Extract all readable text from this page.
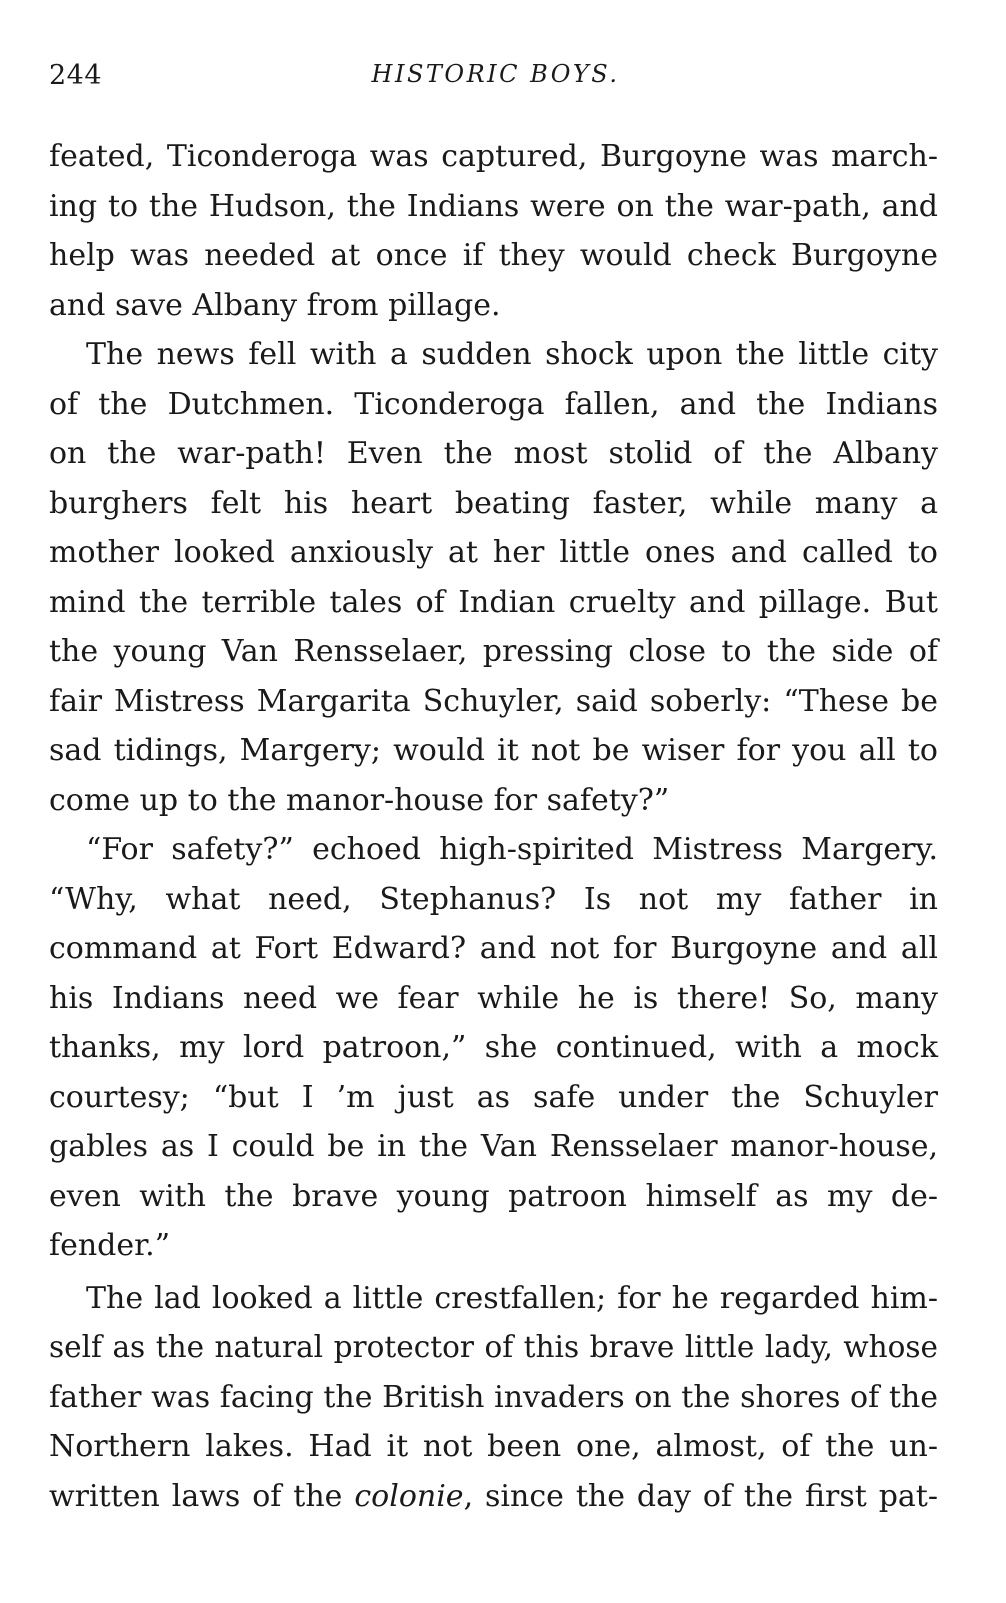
244	HISTORIC BOYS.
feated, Ticonderoga was captured, Burgoyne was march-
ing to the Hudson, the Indians were on the war-path, and
help was needed at once if they would check Burgoyne
and save Albany from pillage.
The news fell with a sudden shock upon the little city
of the Dutchmen. Ticonderoga fallen, and the Indians
on the war-path! Even the most stolid of the Albany
burghers felt his heart beating faster, while many a
mother looked anxiously at her little ones and called to
mind the terrible tales of Indian cruelty and pillage. But
the young Van Rensselaer, pressing close to the side of
fair Mistress Margarita Schuyler, said soberly: “These be
sad tidings, Margery; would it not be wiser for you all to
come up to the manor-house for safety?”
“For safety?” echoed high-spirited Mistress Margery.
“Why, what need, Stephanus? Is not my father in
command at Fort Edward? and not for Burgoyne and all
his Indians need we fear while he is there! So, many
thanks, my lord patroon,” she continued, with a mock
courtesy; “but I ’m just as safe under the Schuyler
gables as I could be in the Van Rensselaer manor-house,
even with the brave young patroon himself as my de-
fender.”
The lad looked a little crestfallen; for he regarded him-
self as the natural protector of this brave little lady, whose
father was facing the British invaders on the shores of the
Northern lakes. Had it not been one, almost, of the un-
written laws of the colonie, since the day of the first pat-
